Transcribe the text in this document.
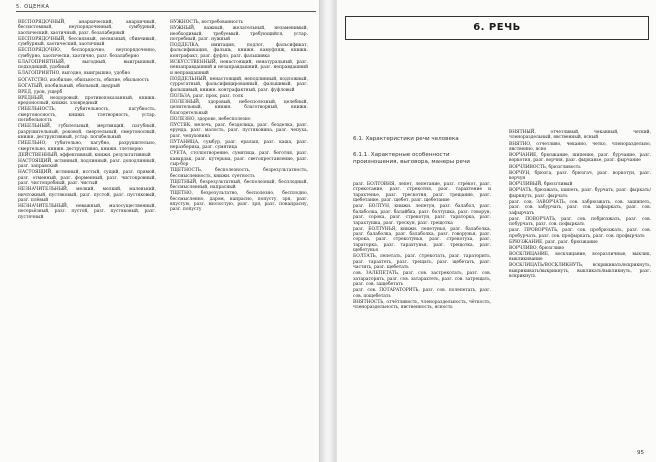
5. ОЦЕНКА
ВЕСПОРЯДОЧНЫЙ, анархический, анархичный, бессистемный, неупорядоченный, сумбурный, хаотический, хаотичный, разг. безалаберный
БЕСПОРЯДОЧНЫЙ, бессвязный, несвязный, сбивчивый, сумбурный, хаотический, хаотичный
БЕСПОРЯДОЧНО, беспорядочно, неупорядоченно, сумбурно, хаотически, хаотично, разг. безалаберно
БЛАГОПРИЯТНЫЙ, выгодный, выигрышный, подходящий, удобный
БЛАГОПРИЯТНО, выгодно, выигрышно, удобно
БОГАТСТВО, изобилие, обильность, обилие, обильность
БОГАТЫЙ, изобильный, обильный, щедрый
ВРЕД, урон, ущерб
ВРЕДНЫЙ, нездоровый, противопоказанный, книжн. вредоносный, книжн. зловредный
ГИБЕЛЬНОСТЬ, губительность, пагубность, смертоносность, книжн. тлетворность, устар. погибельность
ГИБЕЛЬНЫЙ, губительный, мертвящий, пагубный, разрушительный, роковой, смертельный, смертоносный, книжн. деструктивный, устар. погибельный
ГИБЕЛЬНО, губительно, пагубно, разрушительно, смертельно, книжн. деструктивно, книжн. тлетворно
ДЕЙСТВЕННЫЙ, эффективный, книжн. результативный
НАСТОЯЩИЙ, истинный, подлинный, разг. доподлинный, разг. заправский
НАСТОЯЩИЙ, истинный, исстый, сущий, разг. прямой, разг. отменный, разг. форменный, разг. чистокровный, разг. чистопробный, разг. чистый
НЕЗНАЧИТЕЛЬНЫЙ, мелкий, мелкий, маленький, ничтожный, пустяковый, разг. пустой, разг. пустяковый, разг. плёвый
НЕЗНАЧИТЕЛЬНЫЙ, неважный, малосущественный, несерьёзный, разг. пустой, разг. пустяковый, разг. пустячный
НУЖНОСТЬ, востребованность
НУЖНЫЙ, важный, желательный, незаменимый, необходимый, требуемый, требующийся, устар. потребный, разг. нужный
ПОДДЕЛКА, имитация, подлог, фальсификат, фальсификация, фальшь, книжн. камуфляж, книжн. контрафакт, разг. фуфло, разг. фальшивка
ИСКУССТВЕННЫЙ, ненастоящий, ненатуральный, разг. невзаправдашний и незаправдашний, разг. неправдашний и неправдашний
ПОДДЕЛЬНЫЙ, ненастоящий, неподлинный, подложный, суррогатный, фальсифицированный, фальшивый, разг. фальшивый, книжн. контрафактный, разг. фуфловый
ПОЛЬЗА, разг. прок, разг. толк
ПОЛЕЗНЫЙ, здоровый, небесполезный, целебный, целительный, книжн. благотворный, книжн. благодетельный
ПОЛЕЗНО, здорово, небесполезно
ПУСТЯК, мелочь, разг. безделица, разг. безделка, разг. ерунда, разг. малость, разг. пустяковина, разг. чепуха, разг. чепуховина
ПУТАНИЦА, сумбур, разг. ералаш, разг. каша, разг. неразбериха, разг. сумятица
СУЕТА, столпотворение, сумятица, разг. беготня, разг. кавардак, разг. кутерьма, разг. светопреставление, разг. сыр-бор
ТЩЕТНОСТЬ, бесполезность, безрезультатность, бессмысленность, книжн. суетность
ТЩЕТНЫЙ, безрезультатный, бесполезный, бесплодный, бессмысленный, напрасный
ТЩЕТНО, безрезультатно, бесполезно, бесплодно, бессмысленно, даром, напрасно, попусту, зря, разг. впустую, разг. вхолостую, разг. зря, разг. понапрасну, разг. попусту
6. РЕЧЬ
6.1. Характеристики речи человека
6.1.1. Характерные особенности произношения, выговора, манеры речи
разг. БОЛТОВНЯ, лепет, лепетание, разг. стрёкот, разг. стрекотание, разг. стрекотня, разг. тарахтение и тарахтенье, разг. трескотня, разг. трещание, разг. щебетание, разг. щебет, разг. щебетание
разг. БОЛТУН, книжн. лепетун, разг. балабол, разг. балаболка, разг. балайбка, разг. болтушка, разг. говорун, разг. сорока, разг. стрекотун, разг. тараторка, разг. тарахтушка, разг. трескун, разг. трещотка
разг. БОЛТУНЬЯ, книжн. лепетунья, разг. балаболка, разг. балаболка, разг. балаболка, разг. говорунья, разг. сорока, разг. стрекотунья, разг. стрекотуха, разг. тараторка, разг. тарахтунья, разг. трещотка, разг. щебетунья
БОЛТАТЬ, лепетать, разг. стрекотать, разг. тараторить, разг. тарахтеть, разг. трещать, разг. щебетать, разг. частить, разг. щебетать
сов. ЗАЛЕПЕТАТЬ, разг. сов. застрекотать, разг. сов. затараторить, разг. сов. затарахтеть, разг. сов. затрещать, разг. сов. защебетать
разг. сов. ПОТАРАТОРИТЬ, разг. сов. полепетать, разг. сов. пощебетать
ВНЯТНОСТЬ, отчётливость, членораздельность, чёткость, членораздельность, явственность, ясность
ВНЯТНЫЙ, отчетливый, чеканный, четкий, членораздельный, явственный, ясный
ВНЯТНО, отчетливо, чеканно, четко, членораздельно, явственно, ясно
ВОРЧАНИЕ, брюзжание, шипение, разг. бурчание, разг. воркотня, разг. ворчня, разг. фырканье, разг. фырчание
ВОРЧЛИВОСТЬ, брюзгливость
ВОРЧУН, брюзга, разг. брюзгач, разг. воркотун, разг. ворчун
ВОРЧЛИВЫЙ, брюзгливый
ВОРЧАТЬ, брюзжать, шипеть, разг. бурчать, разг. фыркать/фыркнуть, разг. фырчать
разг. сов. ЗАВОРЧАТЬ, сов. забрюзжать, сов. зашипеть, разг. сов. забурчать, разг. сов. зафыркать, разг. сов. зафырчать
разг. ПОВОРЧАТЬ, разг. сов. побрюзжать, разг. сов. побурчать, разг. сов. пофыркать
разг. ПРОВОРЧАТЬ, разг. сов. пробрюзжать, разг. сов. пробурчать, разг. сов. профыркать, разг. сов. профырчать
БРЮЗЖАНИЕ, разг. разг. брюзжание
ВОРЧЛИВО, брюзгливо
ВОСКЛИЦАНИЕ, восклицание, всеразличные, выклик, выкликивание
ВОСКЛИЦАТЬ/ВОСКЛИКНУТЬ, вскрикивать/вскрикнуть, выкрикивать/выкрикнуть, выкликать/выкликнуть, разг. вскрикнуть
95
